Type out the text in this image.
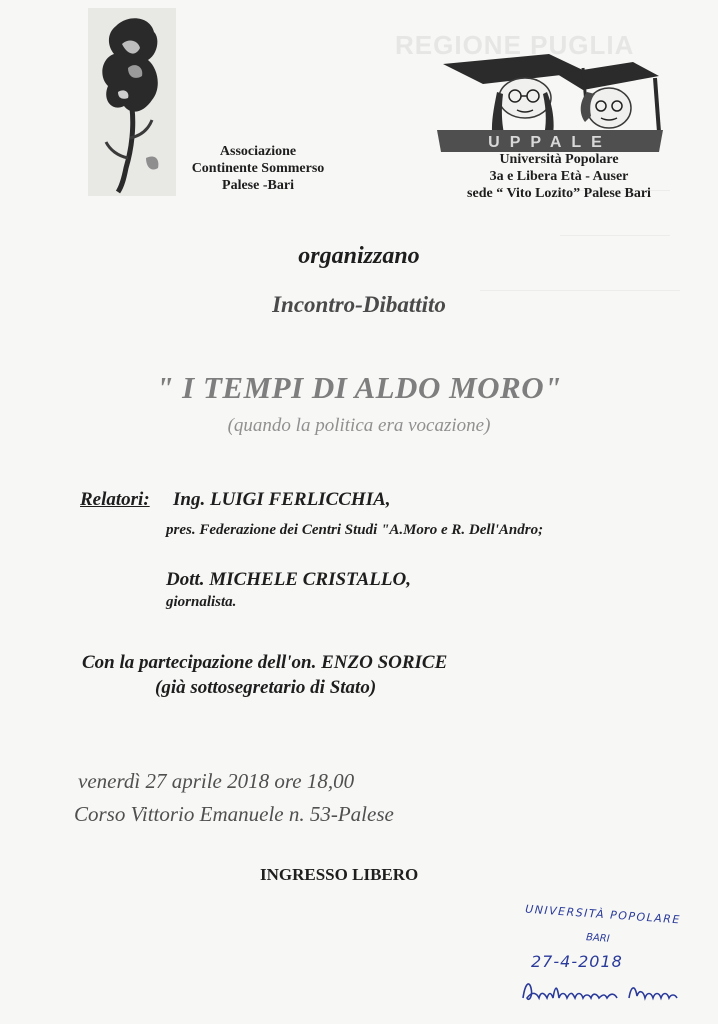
REGIONE PUGLIA
Associazione
Continente Sommerso
Palese -Bari
UPPALE
Università Popolare
3a e Libera Età - Auser
sede “ Vito Lozito” Palese Bari
organizzano
Incontro-Dibattito
" I TEMPI DI ALDO MORO"
(quando la politica era vocazione)
Relatori: Ing. LUIGI FERLICCHIA,
pres. Federazione dei Centri Studi "A.Moro e R. Dell'Andro;
Dott. MICHELE CRISTALLO,
giornalista.
Con la partecipazione dell'on. ENZO SORICE
(già sottosegretario di Stato)
venerdì 27 aprile 2018 ore 18,00
Corso Vittorio Emanuele n. 53-Palese
INGRESSO LIBERO
UNIVERSITÀ POPOLARE
BARI
27-4-2018
